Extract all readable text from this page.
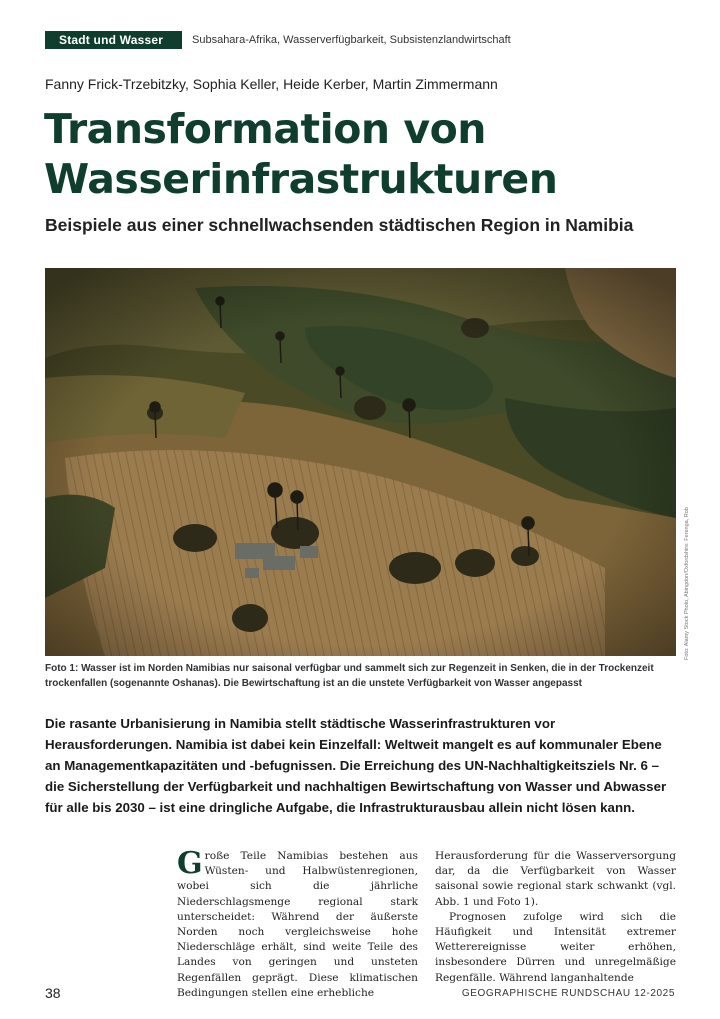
Stadt und Wasser	Subsahara-Afrika, Wasserverfügbarkeit, Subsistenzlandwirtschaft
Fanny Frick-Trzebitzky, Sophia Keller, Heide Kerber, Martin Zimmermann
Transformation von
Wasserinfrastrukturen
Beispiele aus einer schnellwachsenden städtischen Region in Namibia
Foto: Alamy Stock Photo, Abingdon/Oxfordshire: Ferenga, Rob

Foto 1: Wasser ist im Norden Namibias nur saisonal verfügbar und sammelt sich zur Regenzeit in Senken, die in der Trockenzeit trockenfallen (sogenannte Oshanas). Die Bewirtschaftung ist an die unstete Verfügbarkeit von Wasser angepasst

Die rasante Urbanisierung in Namibia stellt städtische Wasserinfrastrukturen vor Herausforderungen. Namibia ist dabei kein Einzelfall: Weltweit mangelt es auf kommunaler Ebene an Managementkapazitäten und -befugnissen. Die Erreichung des UN-Nachhaltigkeitsziels Nr. 6 – die Sicherstellung der Verfügbarkeit und nachhaltigen Bewirtschaftung von Wasser und Abwasser für alle bis 2030 – ist eine dringliche Aufgabe, die Infrastrukturausbau allein nicht lösen kann.

Große Teile Namibias bestehen aus Wüsten- und Halbwüstenregionen, wobei sich die jährliche Niederschlagsmenge regional stark unterscheidet: Während der äußerste Norden noch vergleichsweise hohe Niederschläge erhält, sind weite Teile des Landes von geringen und unsteten Regenfällen geprägt. Diese klimatischen Bedingungen stellen eine erhebliche

Herausforderung für die Wasserversorgung dar, da die Verfügbarkeit von Wasser saisonal sowie regional stark schwankt (vgl. Abb. 1 und Foto 1).

Prognosen zufolge wird sich die Häufigkeit und Intensität extremer Wetterereignisse weiter erhöhen, insbesondere Dürren und unregelmäßige Regenfälle. Während langanhaltende

38	GEOGRAPHISCHE RUNDSCHAU 12-2025
